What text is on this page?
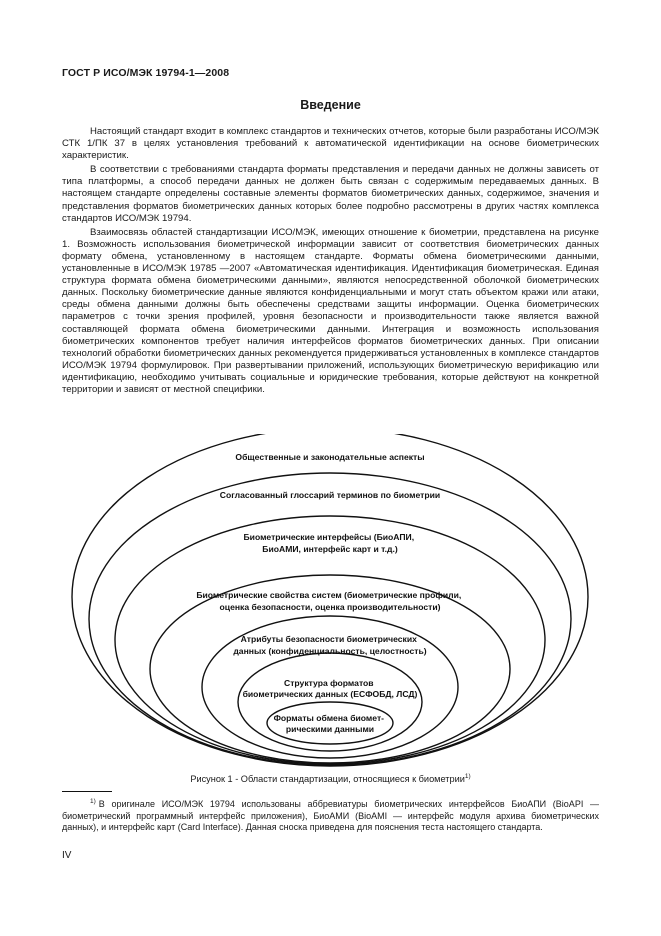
ГОСТ Р ИСО/МЭК 19794-1—2008
Введение

Настоящий стандарт входит в комплекс стандартов и технических отчетов, которые были разработаны ИСО/МЭК СТК 1/ПК 37 в целях установления требований к автоматической идентификации на основе биометрических характеристик.

В соответствии с требованиями стандарта форматы представления и передачи данных не должны зависеть от типа платформы, а способ передачи данных не должен быть связан с содержимым передаваемых данных. В настоящем стандарте определены составные элементы форматов биометрических данных, содержимое, значения и представления форматов биометрических данных которых более подробно рассмотрены в других частях комплекса стандартов ИСО/МЭК 19794.

Взаимосвязь областей стандартизации ИСО/МЭК, имеющих отношение к биометрии, представлена на рисунке 1. Возможность использования биометрической информации зависит от соответствия биометрических данных формату обмена, установленному в настоящем стандарте. Форматы обмена биометрическими данными, установленные в ИСО/МЭК 19785 —2007 «Автоматическая идентификация. Идентификация биометрическая. Единая структура формата обмена биометрическими данными», являются непосредственной оболочкой биометрических данных. Поскольку биометрические данные являются конфиденциальными и могут стать объектом кражи или атаки, среды обмена данными должны быть обеспечены средствами защиты информации. Оценка биометрических параметров с точки зрения профилей, уровня безопасности и производительности также является важной составляющей формата обмена биометрическими данными. Интеграция и возможность использования биометрических компонентов требует наличия интерфейсов форматов биометрических данных. При описании технологий обработки биометрических данных рекомендуется придерживаться установленных в комплексе стандартов ИСО/МЭК 19794 формулировок. При развертывании приложений, использующих биометрическую верификацию или идентификацию, необходимо учитывать социальные и юридические требования, которые действуют на конкретной территории и зависят от местной специфики.

Общественные и законодательные аспекты
Согласованный глоссарий терминов по биометрии
Биометрические интерфейсы (БиоАПИ, БиоАМИ, интерфейс карт и т.д.)
Биометрические свойства систем (биометрические профили, оценка безопасности, оценка производительности)
Атрибуты безопасности биометрических данных (конфиденциальность, целостность)
Структура форматов биометрических данных (ЕСФОБД, ЛСД)
Форматы обмена биомет- рическими данными
Рисунок 1 - Области стандартизации, относящиеся к биометрии$^{1)}$
$^{1)}$ В оригинале ИСО/МЭК 19794 использованы аббревиатуры биометрических интерфейсов БиоАПИ (BioAPI — биометрический программный интерфейс приложения), БиоАМИ (BioAMI — интерфейс модуля архива биометрических данных), и интерфейс карт (Card Interface). Данная сноска приведена для пояснения теста настоящего стандарта.
IV
